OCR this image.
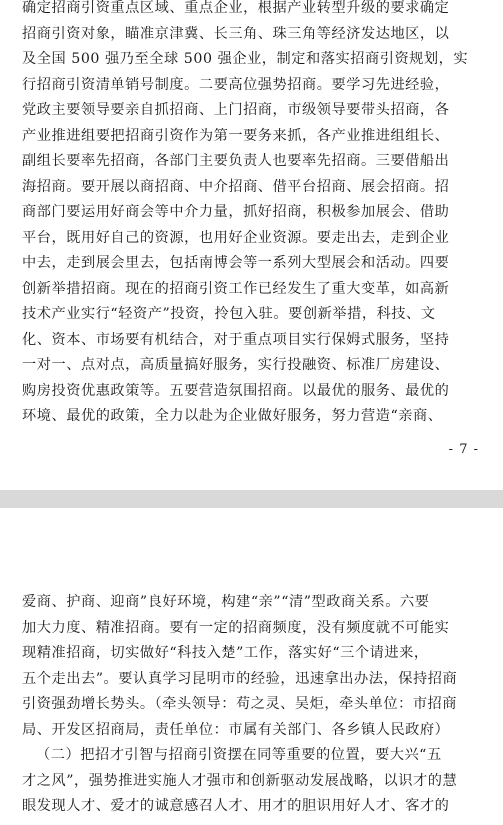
确定招商引资重点区域、重点企业，根据产业转型升级的要求确定
招商引资对象，瞄准京津冀、长三角、珠三角等经济发达地区，以
及全国 500 强乃至全球 500 强企业，制定和落实招商引资规划，实
行招商引资清单销号制度。二要高位强势招商。要学习先进经验，
党政主要领导要亲自抓招商、上门招商，市级领导要带头招商，各
产业推进组要把招商引资作为第一要务来抓，各产业推进组组长、
副组长要率先招商，各部门主要负责人也要率先招商。三要借船出
海招商。要开展以商招商、中介招商、借平台招商、展会招商。招
商部门要运用好商会等中介力量，抓好招商，积极参加展会、借助
平台，既用好自己的资源，也用好企业资源。要走出去，走到企业
中去，走到展会里去，包括南博会等一系列大型展会和活动。四要
创新举措招商。现在的招商引资工作已经发生了重大变革，如高新
技术产业实行“轻资产”投资，拎包入驻。要创新举措，科技、文
化、资本、市场要有机结合，对于重点项目实行保姆式服务，坚持
一对一、点对点，高质量搞好服务，实行投融资、标准厂房建设、
购房投资优惠政策等。五要营造氛围招商。以最优的服务、最优的
环境、最优的政策，全力以赴为企业做好服务，努力营造“亲商、
- 7 -
爱商、护商、迎商”良好环境，构建“亲”“清”型政商关系。六要
加大力度、精准招商。要有一定的招商频度，没有频度就不可能实
现精准招商，切实做好“科技入楚”工作，落实好“三个请进来，
五个走出去”。要认真学习昆明市的经验，迅速拿出办法，保持招商
引资强劲增长势头。（牵头领导：苟之灵、吴炬，牵头单位：市招商
局、开发区招商局，责任单位：市属有关部门、各乡镇人民政府）
（二）把招才引智与招商引资摆在同等重要的位置，要大兴“五
才之风”，强势推进实施人才强市和创新驱动发展战略，以识才的慧
眼发现人才、爱才的诚意感召人才、用才的胆识用好人才、客才的
